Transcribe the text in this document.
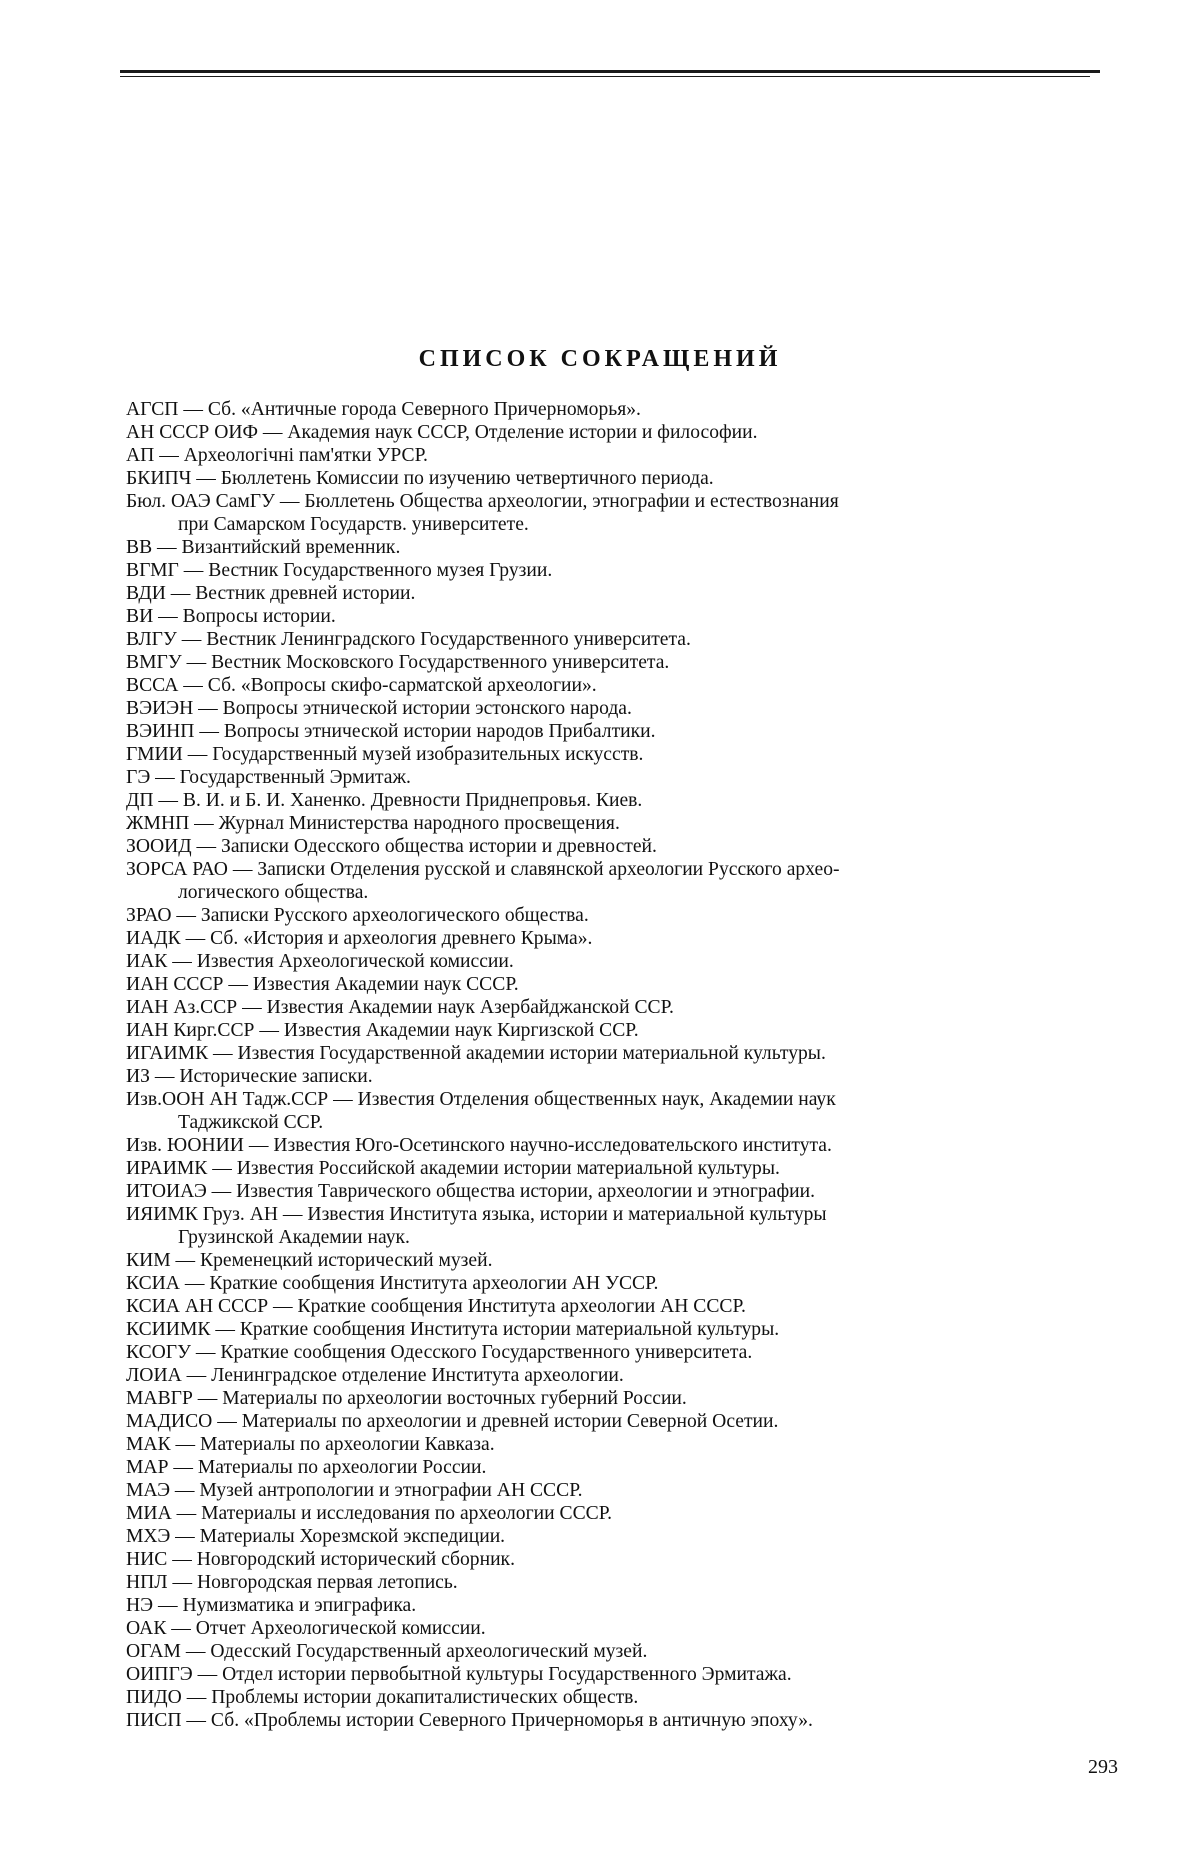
СПИСОК СОКРАЩЕНИЙ
АГСП — Сб. «Античные города Северного Причерноморья».
АН СССР ОИФ — Академия наук СССР, Отделение истории и философии.
АП — Археологічні пам'ятки УРСР.
БКИПЧ — Бюллетень Комиссии по изучению четвертичного периода.
Бюл. ОАЭ СамГУ — Бюллетень Общества археологии, этнографии и естествознания
при Самарском Государств. университете.
ВВ — Византийский временник.
ВГМГ — Вестник Государственного музея Грузии.
ВДИ — Вестник древней истории.
ВИ — Вопросы истории.
ВЛГУ — Вестник Ленинградского Государственного университета.
ВМГУ — Вестник Московского Государственного университета.
ВССА — Сб. «Вопросы скифо-сарматской археологии».
ВЭИЭН — Вопросы этнической истории эстонского народа.
ВЭИНП — Вопросы этнической истории народов Прибалтики.
ГМИИ — Государственный музей изобразительных искусств.
ГЭ — Государственный Эрмитаж.
ДП — В. И. и Б. И. Ханенко. Древности Приднепровья. Киев.
ЖМНП — Журнал Министерства народного просвещения.
ЗООИД — Записки Одесского общества истории и древностей.
ЗОРСА РАО — Записки Отделения русской и славянской археологии Русского архео-
логического общества.
ЗРАО — Записки Русского археологического общества.
ИАДК — Сб. «История и археология древнего Крыма».
ИАК — Известия Археологической комиссии.
ИАН СССР — Известия Академии наук СССР.
ИАН Аз.ССР — Известия Академии наук Азербайджанской ССР.
ИАН Кирг.ССР — Известия Академии наук Киргизской ССР.
ИГАИМК — Известия Государственной академии истории материальной культуры.
ИЗ — Исторические записки.
Изв.ООН АН Тадж.ССР — Известия Отделения общественных наук, Академии наук
Таджикской ССР.
Изв. ЮОНИИ — Известия Юго-Осетинского научно-исследовательского института.
ИРАИМК — Известия Российской академии истории материальной культуры.
ИТОИАЭ — Известия Таврического общества истории, археологии и этнографии.
ИЯИМК Груз. АН — Известия Института языка, истории и материальной культуры
Грузинской Академии наук.
КИМ — Кременецкий исторический музей.
КСИА — Краткие сообщения Института археологии АН УССР.
КСИА АН СССР — Краткие сообщения Института археологии АН СССР.
КСИИМК — Краткие сообщения Института истории материальной культуры.
КСОГУ — Краткие сообщения Одесского Государственного университета.
ЛОИА — Ленинградское отделение Института археологии.
МАВГР — Материалы по археологии восточных губерний России.
МАДИСО — Материалы по археологии и древней истории Северной Осетии.
МАК — Материалы по археологии Кавказа.
МАР — Материалы по археологии России.
МАЭ — Музей антропологии и этнографии АН СССР.
МИА — Материалы и исследования по археологии СССР.
МХЭ — Материалы Хорезмской экспедиции.
НИС — Новгородский исторический сборник.
НПЛ — Новгородская первая летопись.
НЭ — Нумизматика и эпиграфика.
ОАК — Отчет Археологической комиссии.
ОГАМ — Одесский Государственный археологический музей.
ОИПГЭ — Отдел истории первобытной культуры Государственного Эрмитажа.
ПИДО — Проблемы истории докапиталистических обществ.
ПИСП — Сб. «Проблемы истории Северного Причерноморья в античную эпоху».
293
